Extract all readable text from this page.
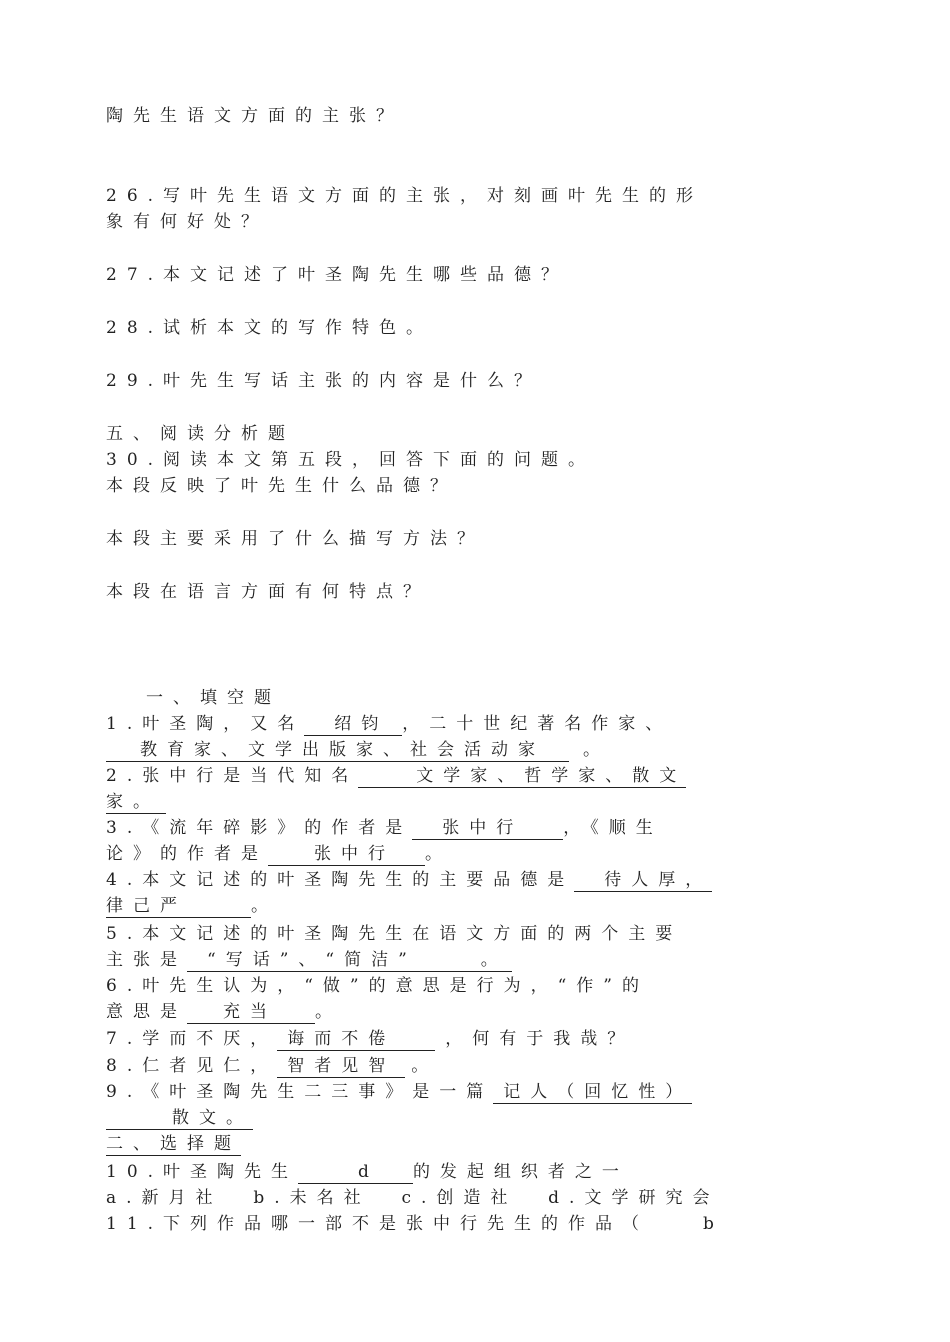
陶先生语文方面的主张？
26.写叶先生语文方面的主张，对刻画叶先生的形
象有何好处？
27.本文记述了叶圣陶先生哪些品德？
28.试析本文的写作特色。
29.叶先生写话主张的内容是什么？
五、阅读分析题
30.阅读本文第五段，回答下面的问题。
本段反映了叶先生什么品德？
本段主要采用了什么描写方法？
本段在语言方面有何特点？
一、填空题
1.叶圣陶，又名 绍钧 ，二十世纪著名作家、
教育家、文学出版家、社会活动家 。
2.张中行是当代知名	文学家、哲学家、散文
家。
3.《流年碎影》的作者是 张中行 ，《顺生
论》的作者是	张中行 。
4.本文记述的叶圣陶先生的主要品德是 待人厚，
律己严	。
5.本文记述的叶圣陶先生在语文方面的两个主要
主张是 “写话”、“简洁”	。
6.叶先生认为，“做”的意思是行为，“作”的
意思是 充当 。
7.学而不厌， 诲而不倦	，何有于我哉？
8.仁者见仁， 智者见智 。
9.《叶圣陶先生二三事》是一篇 记人（回忆性）
散文。
二、选择题
10.叶圣陶先生	d 的发起组织者之一
a.新月社  b.未名社  c.创造社  d.文学研究会
11.下列作品哪一部不是张中行先生的作品（	b
